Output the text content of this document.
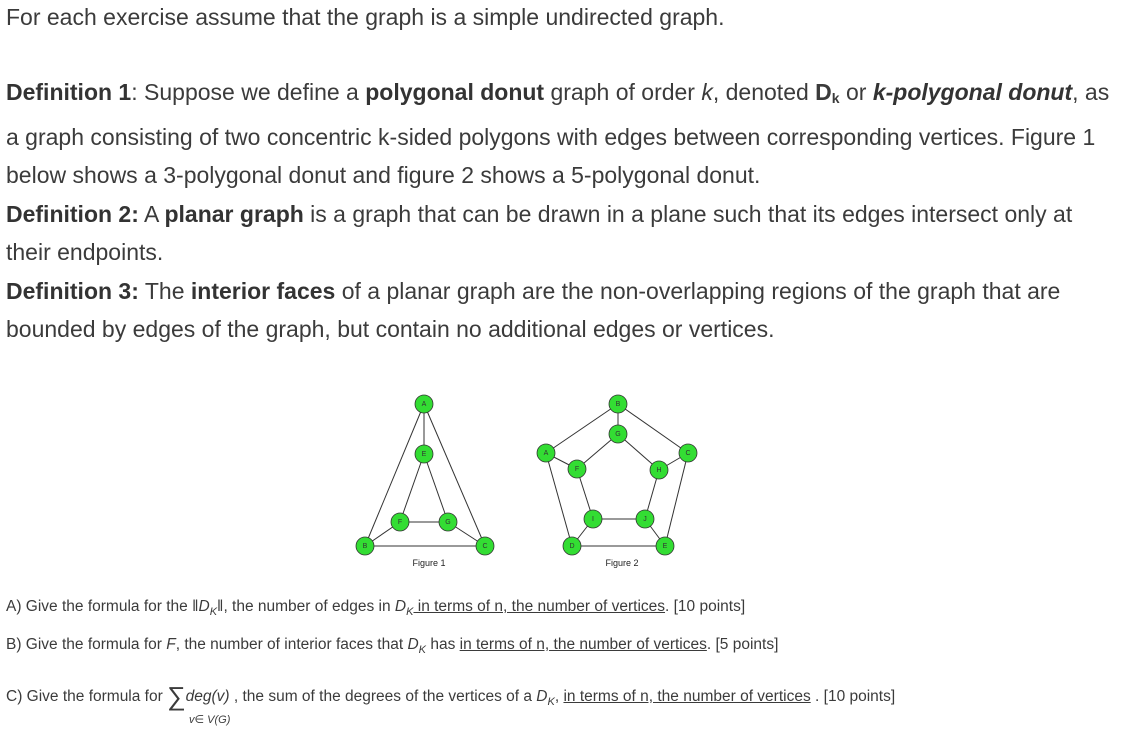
For each exercise assume that the graph is a simple undirected graph.

Definition 1: Suppose we define a polygonal donut graph of order k, denoted $D_k$ or k-polygonal donut, as a graph consisting of two concentric k-sided polygons with edges between corresponding vertices. Figure 1 below shows a 3-polygonal donut and figure 2 shows a 5-polygonal donut.
Definition 2: A planar graph is a graph that can be drawn in a plane such that its edges intersect only at their endpoints.
Definition 3: The interior faces of a planar graph are the non-overlapping regions of the graph that are bounded by edges of the graph, but contain no additional edges or vertices.
A
E
B
F
C
G
B
G
C
H
E
J
D
I
A
F
Figure 1	Figure 2

A) Give the formula for the $‖D_K‖$, the number of edges in $D_K$ in terms of n, the number of vertices. [10 points]

B) Give the formula for F, the number of interior faces that $D_K$ has in terms of n, the number of vertices. [5 points]

C) Give the formula for ∑deg(v) , the sum of the degrees of the vertices of a $D_K$, in terms of n, the number of vertices . [10 points]

v∈ V(G)
